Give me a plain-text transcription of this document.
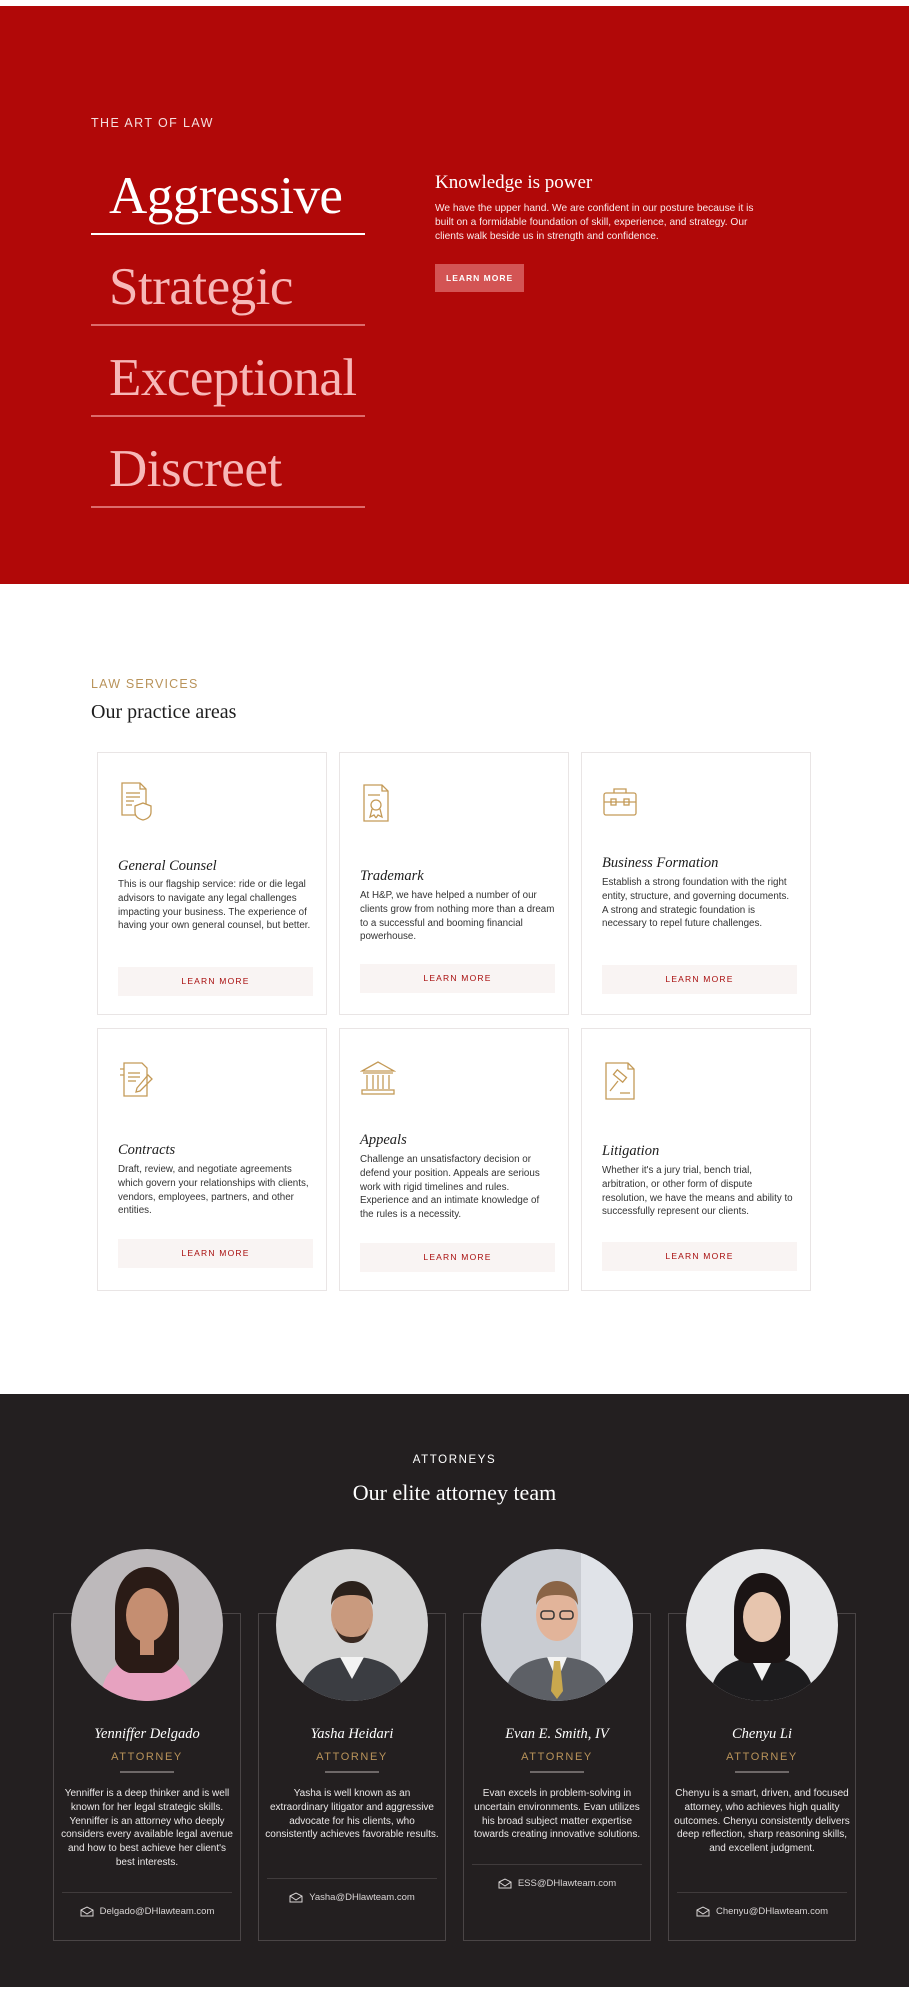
THE ART OF LAW
Aggressive
Strategic
Exceptional
Discreet
Knowledge is power
We have the upper hand. We are confident in our posture because it is built on a formidable foundation of skill, experience, and strategy. Our clients walk beside us in strength and confidence.
LEARN MORE
LAW SERVICES
Our practice areas
General Counsel
This is our flagship service: ride or die legal advisors to navigate any legal challenges impacting your business. The experience of having your own general counsel, but better.
LEARN MORE
Trademark
At H&P, we have helped a number of our clients grow from nothing more than a dream to a successful and booming financial powerhouse.
LEARN MORE
Business Formation
Establish a strong foundation with the right entity, structure, and governing documents. A strong and strategic foundation is necessary to repel future challenges.
LEARN MORE
Contracts
Draft, review, and negotiate agreements which govern your relationships with clients, vendors, employees, partners, and other entities.
LEARN MORE
Appeals
Challenge an unsatisfactory decision or defend your position. Appeals are serious work with rigid timelines and rules. Experience and an intimate knowledge of the rules is a necessity.
LEARN MORE
Litigation
Whether it's a jury trial, bench trial, arbitration, or other form of dispute resolution, we have the means and ability to successfully represent our clients.
LEARN MORE
ATTORNEYS
Our elite attorney team
Yenniffer Delgado
ATTORNEY
Yenniffer is a deep thinker and is well known for her legal strategic skills. Yenniffer is an attorney who deeply considers every available legal avenue and how to best achieve her client's best interests.
Delgado@DHlawteam.com
Yasha Heidari
ATTORNEY
Yasha is well known as an extraordinary litigator and aggressive advocate for his clients, who consistently achieves favorable results.
Yasha@DHlawteam.com
Evan E. Smith, IV
ATTORNEY
Evan excels in problem-solving in uncertain environments. Evan utilizes his broad subject matter expertise towards creating innovative solutions.
ESS@DHlawteam.com
Chenyu Li
ATTORNEY
Chenyu is a smart, driven, and focused attorney, who achieves high quality outcomes. Chenyu consistently delivers deep reflection, sharp reasoning skills, and excellent judgment.
Chenyu@DHlawteam.com
